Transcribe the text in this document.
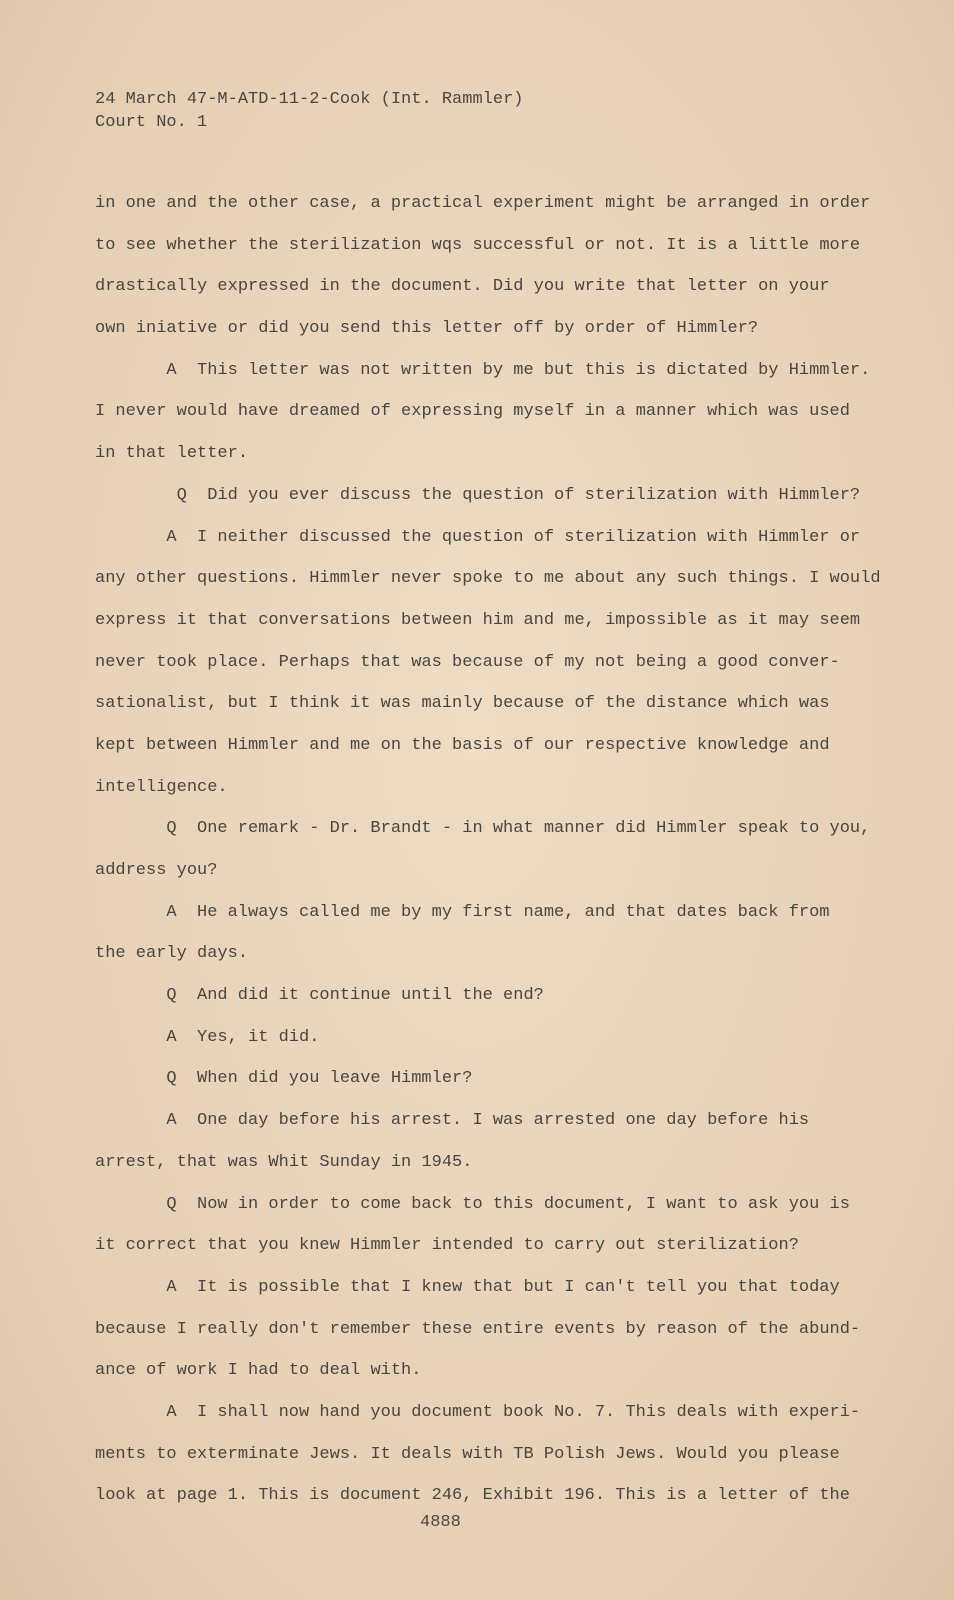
24 March 47-M-ATD-11-2-Cook (Int. Rammler)
Court No. 1
in one and the other case, a practical experiment might be arranged in order
to see whether the sterilization wqs successful or not. It is a little more
drastically expressed in the document. Did you write that letter on your
own iniative or did you send this letter off by order of Himmler?
A  This letter was not written by me but this is dictated by Himmler.
I never would have dreamed of expressing myself in a manner which was used
in that letter.
Q  Did you ever discuss the question of sterilization with Himmler?
A  I neither discussed the question of sterilization with Himmler or
any other questions. Himmler never spoke to me about any such things. I would
express it that conversations between him and me, impossible as it may seem
never took place. Perhaps that was because of my not being a good conver-
sationalist, but I think it was mainly because of the distance which was
kept between Himmler and me on the basis of our respective knowledge and
intelligence.
Q  One remark - Dr. Brandt - in what manner did Himmler speak to you,
address you?
A  He always called me by my first name, and that dates back from
the early days.
Q  And did it continue until the end?
A  Yes, it did.
Q  When did you leave Himmler?
A  One day before his arrest. I was arrested one day before his
arrest, that was Whit Sunday in 1945.
Q  Now in order to come back to this document, I want to ask you is
it correct that you knew Himmler intended to carry out sterilization?
A  It is possible that I knew that but I can't tell you that today
because I really don't remember these entire events by reason of the abund-
ance of work I had to deal with.
A  I shall now hand you document book No. 7. This deals with experi-
ments to exterminate Jews. It deals with TB Polish Jews. Would you please
look at page 1. This is document 246, Exhibit 196. This is a letter of the
4888
